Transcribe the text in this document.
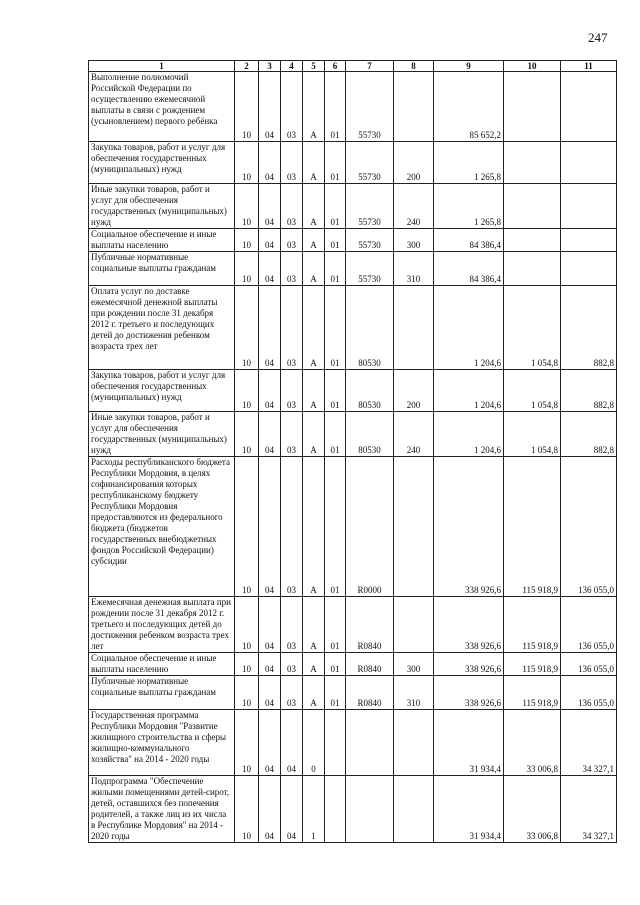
247
1	2	3	4	5	6	7	8	9	10	11
Выполнение полномочий Российской Федерации по осуществлению ежемесячной выплаты в связи с рождением (усыновлением) первого ребёнка	10	04	03	А	01	55730		85 652,2		
Закупка товаров, работ и услуг для обеспечения государственных (муниципальных) нужд	10	04	03	А	01	55730	200	1 265,8		
Иные закупки товаров, работ и услуг для обеспечения государственных (муниципальных) нужд	10	04	03	А	01	55730	240	1 265,8		
Социальное обеспечение и иные выплаты населению	10	04	03	А	01	55730	300	84 386,4		
Публичные нормативные социальные выплаты гражданам	10	04	03	А	01	55730	310	84 386,4		
Оплата услуг по доставке ежемесячной денежной выплаты при рождении после 31 декабря 2012 г. третьего и последующих детей до достижения ребенком возраста трех лет	10	04	03	А	01	80530		1 204,6	1 054,8	882,8
Закупка товаров, работ и услуг для обеспечения государственных (муниципальных) нужд	10	04	03	А	01	80530	200	1 204,6	1 054,8	882,8
Иные закупки товаров, работ и услуг для обеспечения государственных (муниципальных) нужд	10	04	03	А	01	80530	240	1 204,6	1 054,8	882,8
Расходы республиканского бюджета Республики Мордовия, в целях софинансирования которых республиканскому бюджету Республики Мордовия предоставляются из федерального бюджета (бюджетов государственных внебюджетных фондов Российской Федерации) субсидии	10	04	03	А	01	R0000		338 926,6	115 918,9	136 055,0
Ежемесячная денежная выплата при рождении после 31 декабря 2012 г. третьего и последующих детей до достижения ребенком возраста трех лет	10	04	03	А	01	R0840		338 926,6	115 918,9	136 055,0
Социальное обеспечение и иные выплаты населению	10	04	03	А	01	R0840	300	338 926,6	115 918,9	136 055,0
Публичные нормативные социальные выплаты гражданам	10	04	03	А	01	R0840	310	338 926,6	115 918,9	136 055,0
Государственная программа Республики Мордовия "Развитие жилищного строительства и сферы жилищно-коммунального хозяйства" на 2014 - 2020 годы	10	04	04	0				31 934,4	33 006,8	34 327,1
Подпрограмма "Обеспечение жилыми помещениями детей-сирот, детей, оставшихся без попечения родителей, а также лиц из их числа в Республике Мордовия" на 2014 - 2020 годы	10	04	04	1				31 934,4	33 006,8	34 327,1
